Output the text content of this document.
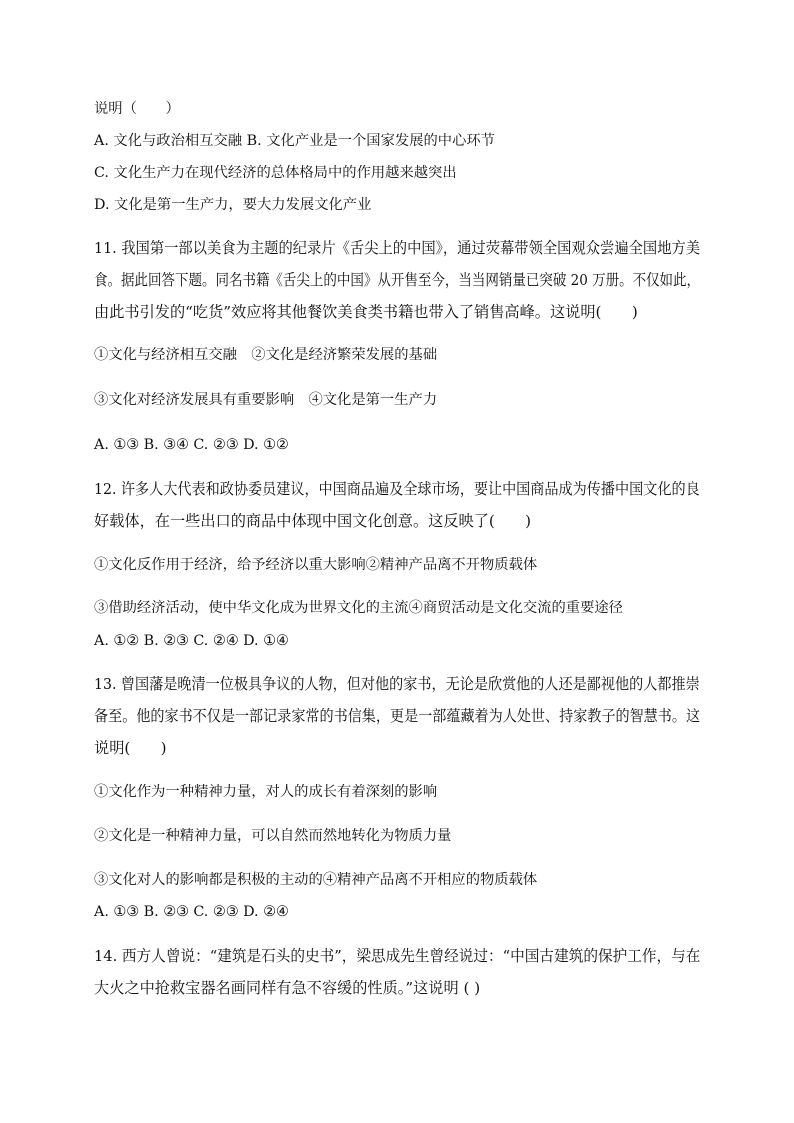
说明（　　）
A. 文化与政治相互交融 B. 文化产业是一个国家发展的中心环节
C. 文化生产力在现代经济的总体格局中的作用越来越突出
D. 文化是第一生产力，要大力发展文化产业
11. 我国第一部以美食为主题的纪录片《舌尖上的中国》，通过荧幕带领全国观众尝遍全国地方美
食。据此回答下题。同名书籍《舌尖上的中国》从开售至今，当当网销量已突破 20 万册。不仅如此，
由此书引发的“吃货”效应将其他餐饮美食类书籍也带入了销售高峰。这说明(　　)
①文化与经济相互交融　②文化是经济繁荣发展的基础
③文化对经济发展具有重要影响　④文化是第一生产力
A. ①③ B. ③④ C. ②③ D. ①②
12. 许多人大代表和政协委员建议，中国商品遍及全球市场，要让中国商品成为传播中国文化的良
好载体，在一些出口的商品中体现中国文化创意。这反映了(　　)
①文化反作用于经济，给予经济以重大影响②精神产品离不开物质载体
③借助经济活动，使中华文化成为世界文化的主流④商贸活动是文化交流的重要途径
A. ①② B. ②③ C. ②④ D. ①④
13. 曾国藩是晚清一位极具争议的人物，但对他的家书，无论是欣赏他的人还是鄙视他的人都推崇
备至。他的家书不仅是一部记录家常的书信集，更是一部蕴藏着为人处世、持家教子的智慧书。这
说明(　　)
①文化作为一种精神力量，对人的成长有着深刻的影响
②文化是一种精神力量，可以自然而然地转化为物质力量
③文化对人的影响都是积极的主动的④精神产品离不开相应的物质载体
A. ①③ B. ②③ C. ②③ D. ②④
14. 西方人曾说：“建筑是石头的史书”，梁思成先生曾经说过：“中国古建筑的保护工作，与在
大火之中抢救宝器名画同样有急不容缓的性质。”这说明 ( )
